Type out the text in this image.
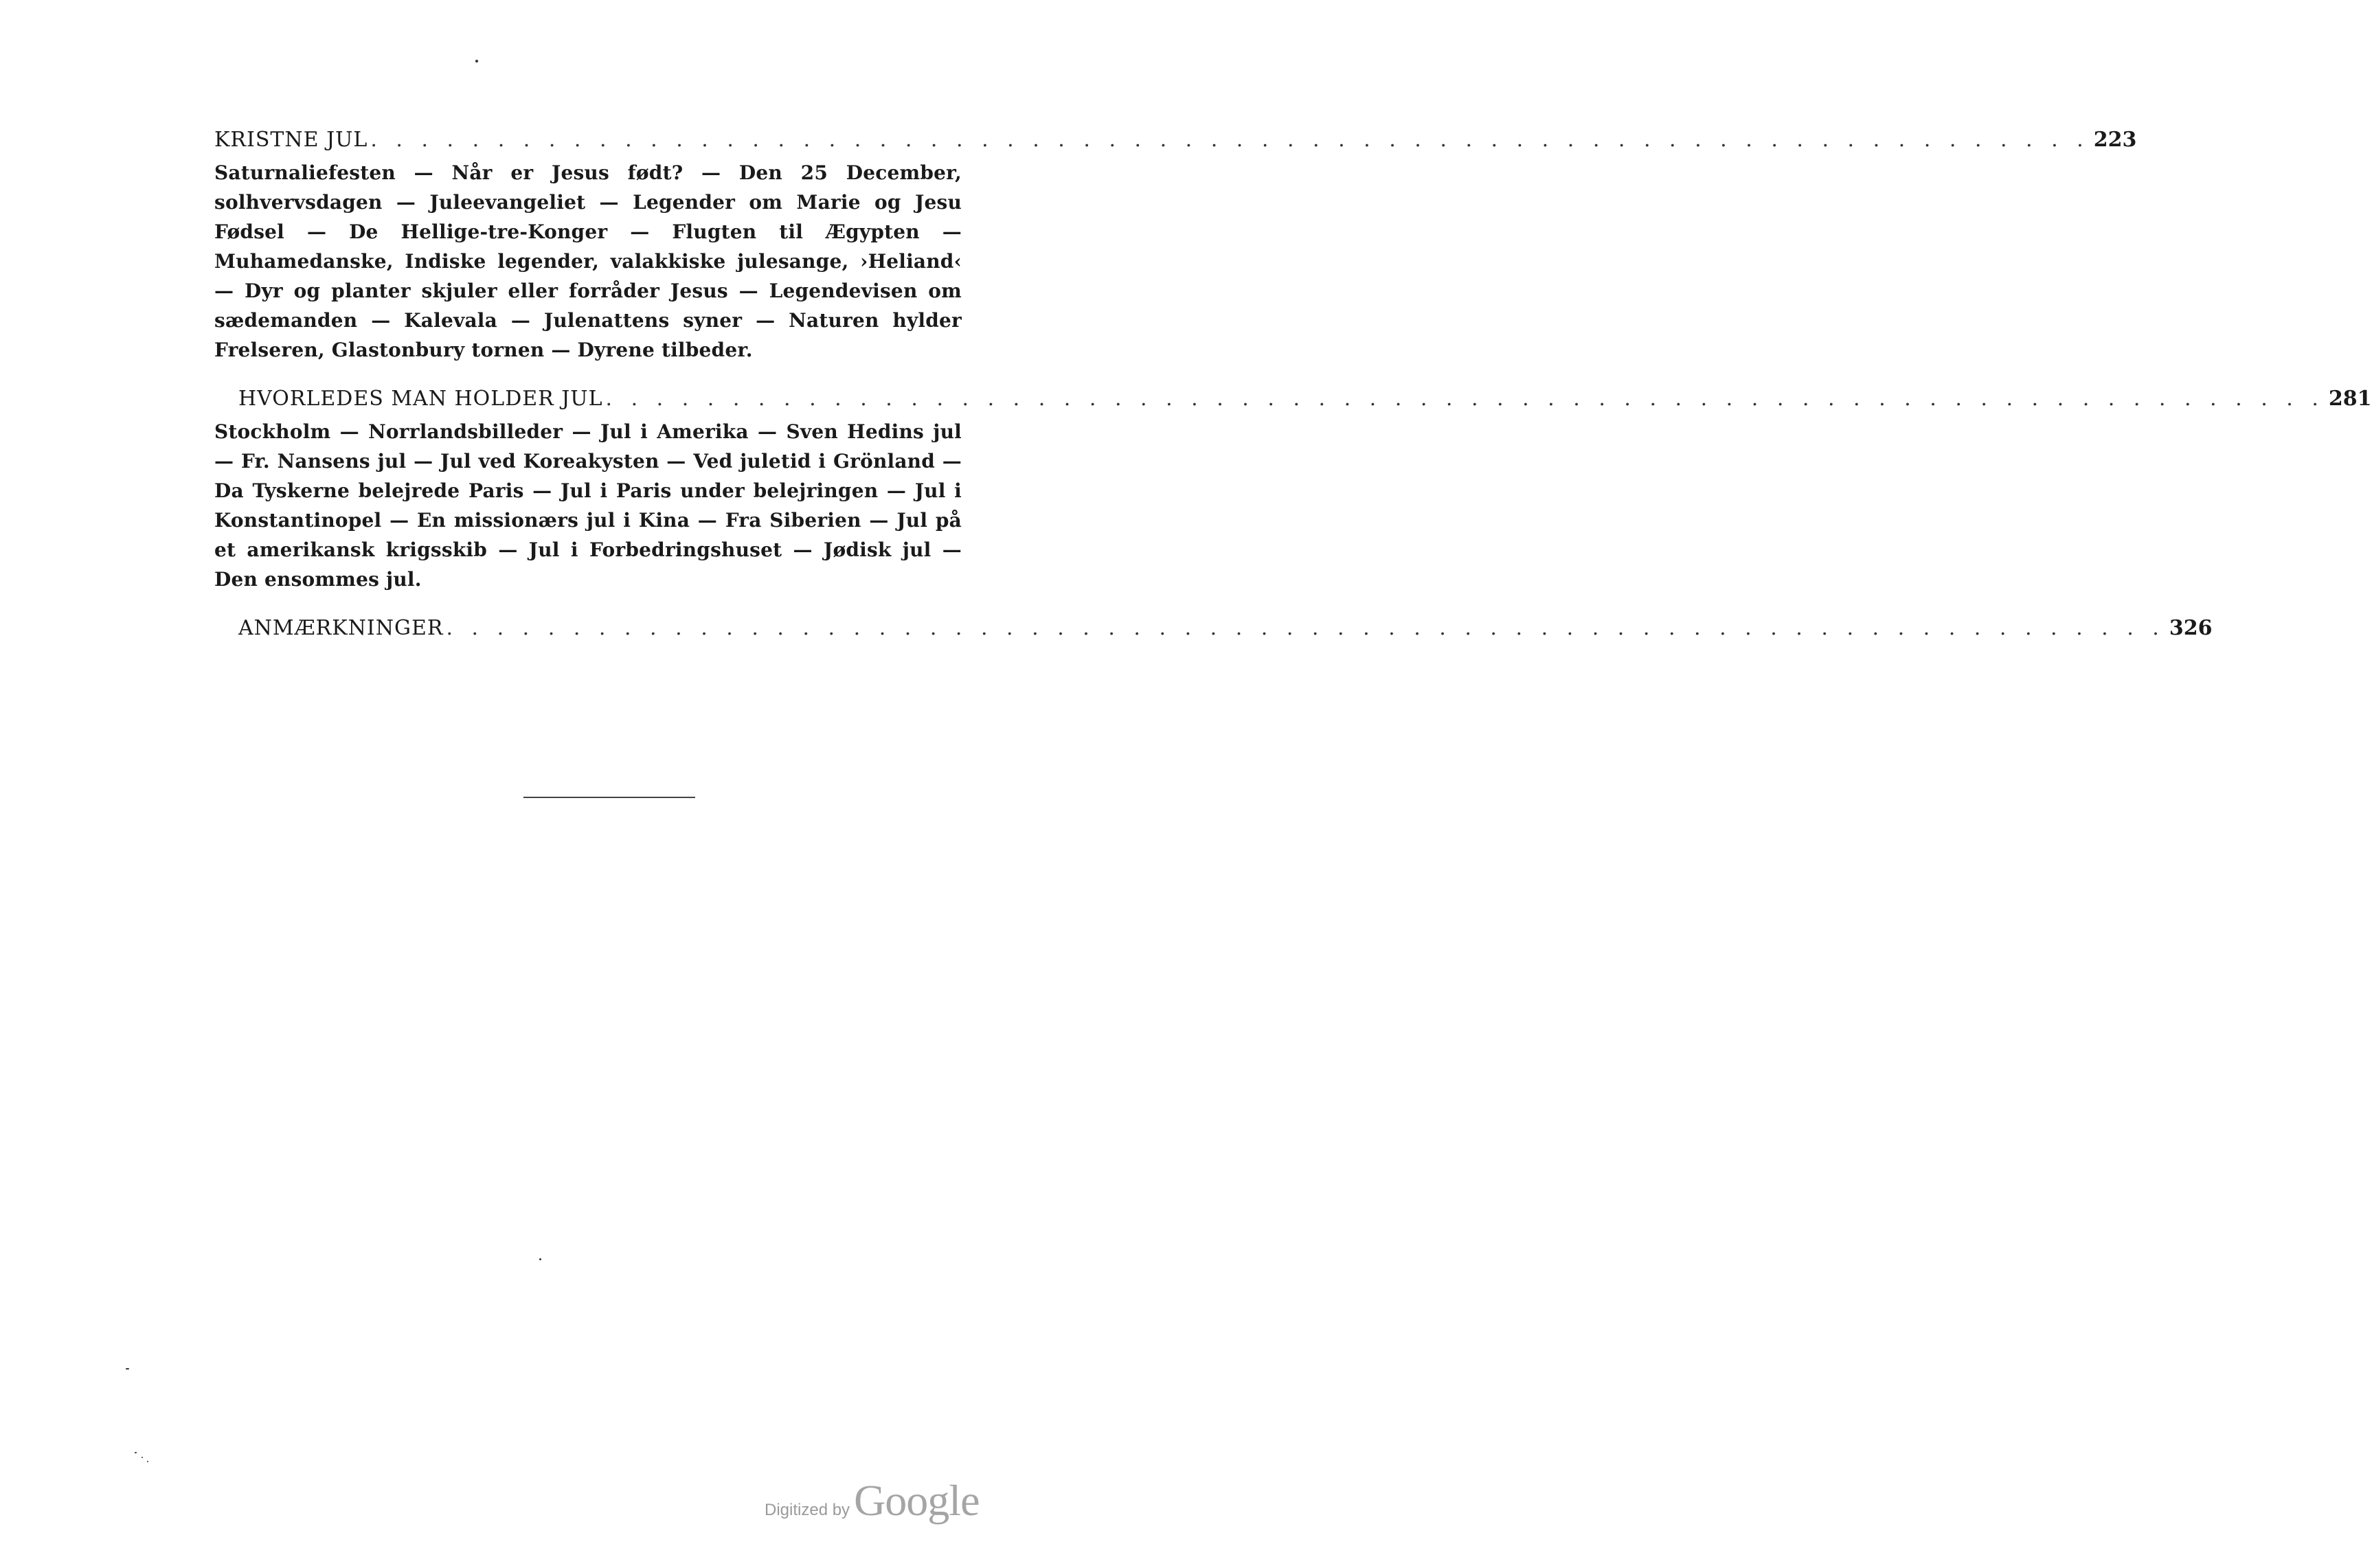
KRISTNE JUL . . . . . . . . . . . . . . . . . . . . . . . . . . . . . . . . . . . . . . . . . . . . . . . . . . . . . . . . . . . . . . . . . . . . 223

Saturnaliefesten — Når er Jesus født? — Den 25 December, solhvervsdagen — Juleevangeliet — Legender om Marie og Jesu Fødsel — De Hellige-tre-Konger — Flugten til Ægypten — Muhamedanske, Indiske legender, valakkiske julesange, ›Heliand‹ — Dyr og planter skjuler eller forråder Jesus — Legendevisen om sædemanden — Kalevala — Julenattens syner — Naturen hylder Frelseren, Glastonbury tornen — Dyrene tilbeder.

HVORLEDES MAN HOLDER JUL . . . . . . . . . . . . . . . . . . . . . . . . . . . . . . . . . . . . . . . . . . . . . . . . . . . . . . . . . . . . . . . . . . . . 281

Stockholm — Norrlandsbilleder — Jul i Amerika — Sven Hedins jul — Fr. Nansens jul — Jul ved Koreakysten — Ved juletid i Grönland — Da Tyskerne belejrede Paris — Jul i Paris under belejringen — Jul i Konstantinopel — En missionærs jul i Kina — Fra Siberien — Jul på et amerikansk krigsskib — Jul i Forbedringshuset — Jødisk jul — Den ensommes jul.

ANMÆRKNINGER . . . . . . . . . . . . . . . . . . . . . . . . . . . . . . . . . . . . . . . . . . . . . . . . . . . . . . . . . . . . . . . . . . . . 326
Digitized by Google
